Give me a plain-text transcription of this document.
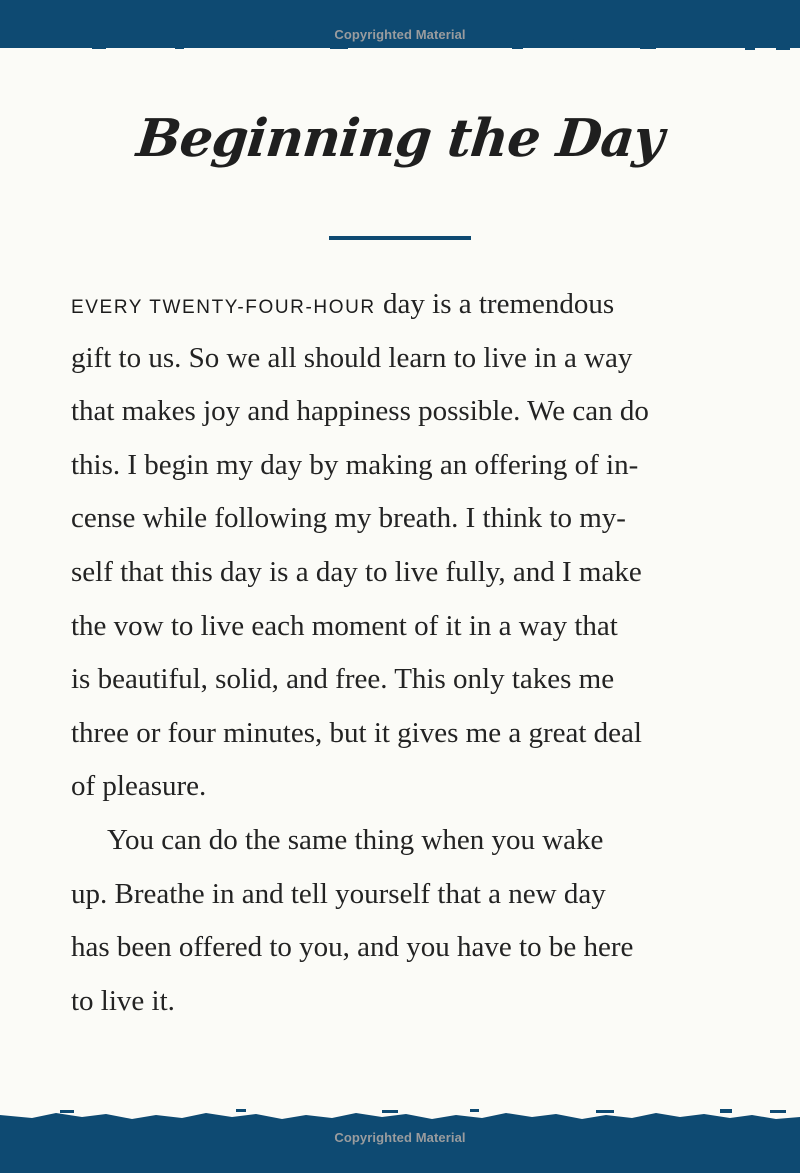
Copyrighted Material
Beginning the Day
EVERY TWENTY-FOUR-HOUR day is a tremendous
gift to us. So we all should learn to live in a way
that makes joy and happiness possible. We can do
this. I begin my day by making an offering of in-
cense while following my breath. I think to my-
self that this day is a day to live fully, and I make
the vow to live each moment of it in a way that
is beautiful, solid, and free. This only takes me
three or four minutes, but it gives me a great deal
of pleasure.
You can do the same thing when you wake
up. Breathe in and tell yourself that a new day
has been offered to you, and you have to be here
to live it.
Copyrighted Material
